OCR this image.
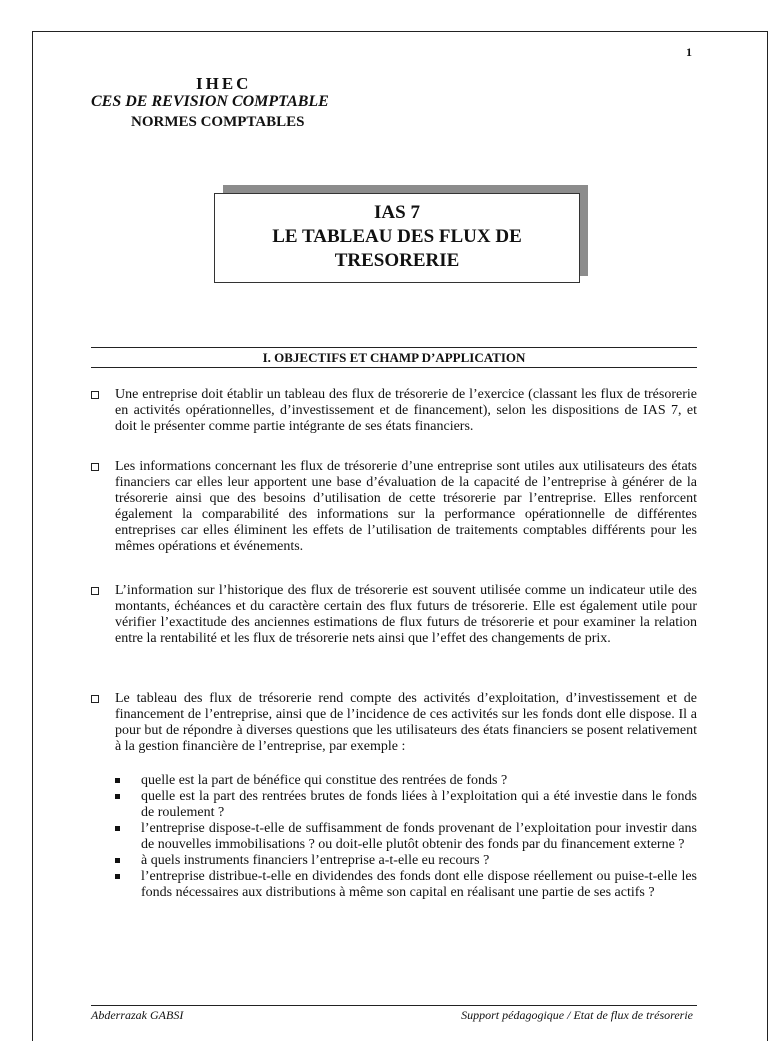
1
IHEC
CES DE REVISION COMPTABLE
NORMES COMPTABLES
IAS 7
LE TABLEAU DES FLUX DE
TRESORERIE
I. OBJECTIFS ET CHAMP D’APPLICATION
Une entreprise doit établir un tableau des flux de trésorerie de l’exercice (classant les flux de trésorerie en activités opérationnelles, d’investissement et de financement), selon les dispositions de IAS 7, et doit le présenter comme partie intégrante de ses états financiers.
Les informations concernant les flux de trésorerie d’une entreprise sont utiles aux utilisateurs des états financiers car elles leur apportent une base d’évaluation de la capacité de l’entreprise à générer de la trésorerie ainsi que des besoins d’utilisation de cette trésorerie par l’entreprise. Elles renforcent également la comparabilité des informations sur la performance opérationnelle de différentes entreprises car elles éliminent les effets de l’utilisation de traitements comptables différents pour les mêmes opérations et événements.
L’information sur l’historique des flux de trésorerie est souvent utilisée comme un indicateur utile des montants, échéances et du caractère certain des flux futurs de trésorerie. Elle est également utile pour vérifier l’exactitude des anciennes estimations de flux futurs de trésorerie et pour examiner la relation entre la rentabilité et les flux de trésorerie nets ainsi que l’effet des changements de prix.
Le tableau des flux de trésorerie rend compte des activités d’exploitation, d’investissement et de financement de l’entreprise, ainsi que de l’incidence de ces activités sur les fonds dont elle dispose. Il a pour but de répondre à diverses questions que les utilisateurs des états financiers se posent relativement à la gestion financière de l’entreprise, par exemple :
quelle est la part de bénéfice qui constitue des rentrées de fonds ?
quelle est la part des rentrées brutes de fonds liées à l’exploitation qui a été investie dans le fonds de roulement ?
l’entreprise dispose-t-elle de suffisamment de fonds provenant de l’exploitation pour investir dans de nouvelles immobilisations ? ou doit-elle plutôt obtenir des fonds par du financement externe ?
à quels instruments financiers l’entreprise a-t-elle eu recours ?
l’entreprise distribue-t-elle en dividendes des fonds dont elle dispose réellement ou puise-t-elle les fonds nécessaires aux distributions à même son capital en réalisant une partie de ses actifs ?
Abderrazak GABSI	Support pédagogique / Etat de flux de trésorerie
